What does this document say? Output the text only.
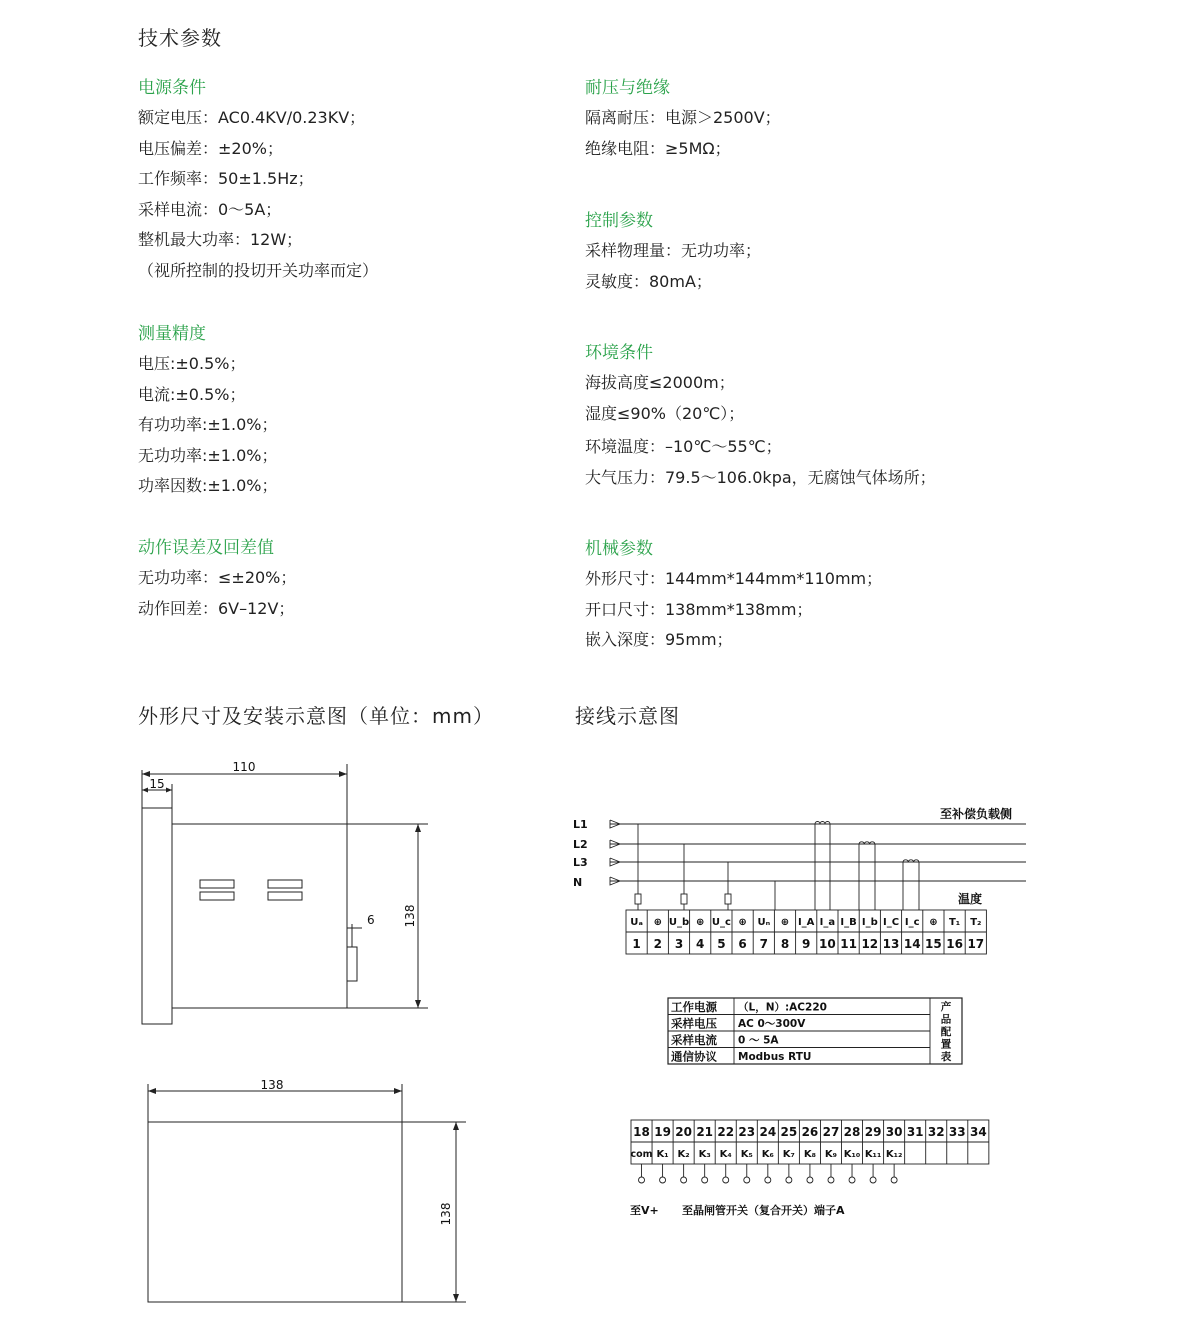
技术参数
电源条件
额定电压：AC0.4KV/0.23KV；
电压偏差：±20%；
工作频率：50±1.5Hz；
采样电流：0～5A；
整机最大功率：12W；
（视所控制的投切开关功率而定）
测量精度
电压:±0.5%；
电流:±0.5%；
有功功率:±1.0%；
无功功率:±1.0%；
功率因数:±1.0%；
动作误差及回差值
无功功率：≤±20%；
动作回差：6V–12V；
耐压与绝缘
隔离耐压：电源＞2500V；
绝缘电阻：≥5MΩ；
控制参数
采样物理量：无功功率；
灵敏度：80mA；
环境条件
海拔高度≤2000m；
湿度≤90%（20℃）；
环境温度：–10℃～55℃；
大气压力：79.5～106.0kpa，无腐蚀气体场所；
机械参数
外形尺寸：144mm*144mm*110mm；
开口尺寸：138mm*138mm；
嵌入深度：95mm；
外形尺寸及安装示意图（单位：mm）	接线示意图
110
15
6 138
138
138
L1
L2
L3
N
至补偿负载侧
温度
Uₐ
1
⊕
2
U_b
3
⊕
4
U_c
5
⊕
6
Uₙ
7
⊕
8
I_A
9
I_a
10
I_B
11
I_b
12
I_C
13
I_c
14
⊕
15
T₁
16
T₂
17
工作电源 （L，N）:AC220
采样电压 AC 0～300V
采样电流 0 ～ 5A
通信协议 Modbus RTU
产
品
配
置
表
18
com
19
K₁
20
K₂
21
K₃
22
K₄
23
K₅
24
K₆
25
K₇
26
K₈
27
K₉
28
K₁₀
29
K₁₁
30
K₁₂
31 32 33 34
至V+ 至晶闸管开关（复合开关）端子A
